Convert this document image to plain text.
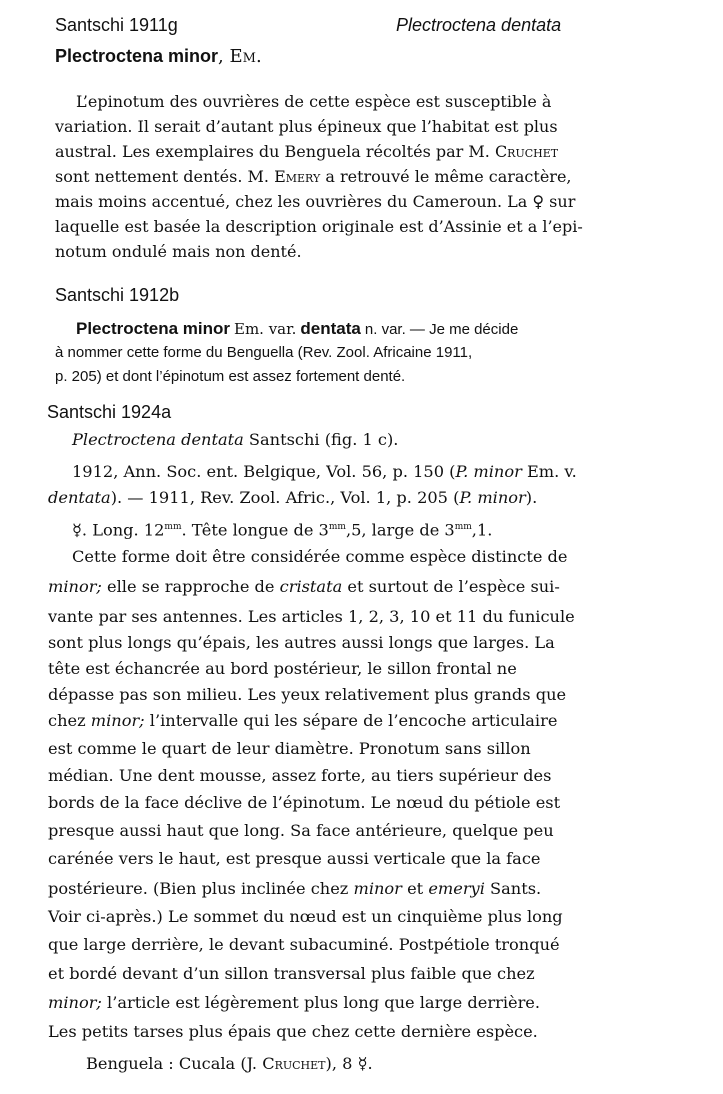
Santschi 1911g	Plectroctena dentata
Plectroctena minor, Em.
L’epinotum des ouvrières de cette espèce est susceptible à
variation. Il serait d’autant plus épineux que l’habitat est plus
austral. Les exemplaires du Benguela récoltés par M. Cruchet
sont nettement dentés. M. Emery a retrouvé le même caractère,
mais moins accentué, chez les ouvrières du Cameroun. La ♀ sur
laquelle est basée la description originale est d’Assinie et a l’epi-
notum ondulé mais non denté.
Santschi 1912b
Plectroctena minor Em. var. dentata n. var. — Je me décide
à nommer cette forme du Benguella (Rev. Zool. Africaine 1911,
p. 205) et dont l’épinotum est assez fortement denté.
Santschi 1924a
Plectroctena dentata Santschi (fig. 1 c).
1912, Ann. Soc. ent. Belgique, Vol. 56, p. 150 (P. minor Em. v.
dentata). — 1911, Rev. Zool. Afric., Vol. 1, p. 205 (P. minor).
☿. Long. $12^{mm}$. Tête longue de $3^{mm},5$, large de $3^{mm},1$.
Cette forme doit être considérée comme espèce distincte de
minor; elle se rapproche de cristata et surtout de l’espèce sui-
vante par ses antennes. Les articles 1, 2, 3, 10 et 11 du funicule
sont plus longs qu’épais, les autres aussi longs que larges. La
tête est échancrée au bord postérieur, le sillon frontal ne
dépasse pas son milieu. Les yeux relativement plus grands que
chez minor; l’intervalle qui les sépare de l’encoche articulaire
est comme le quart de leur diamètre. Pronotum sans sillon
médian. Une dent mousse, assez forte, au tiers supérieur des
bords de la face déclive de l’épinotum. Le nœud du pétiole est
presque aussi haut que long. Sa face antérieure, quelque peu
carénée vers le haut, est presque aussi verticale que la face
postérieure. (Bien plus inclinée chez minor et emeryi Sants.
Voir ci-après.) Le sommet du nœud est un cinquième plus long
que large derrière, le devant subacuminé. Postpétiole tronqué
et bordé devant d’un sillon transversal plus faible que chez
minor; l’article est légèrement plus long que large derrière.
Les petits tarses plus épais que chez cette dernière espèce.
Benguela : Cucala (J. Cruchet), 8 ☿.
